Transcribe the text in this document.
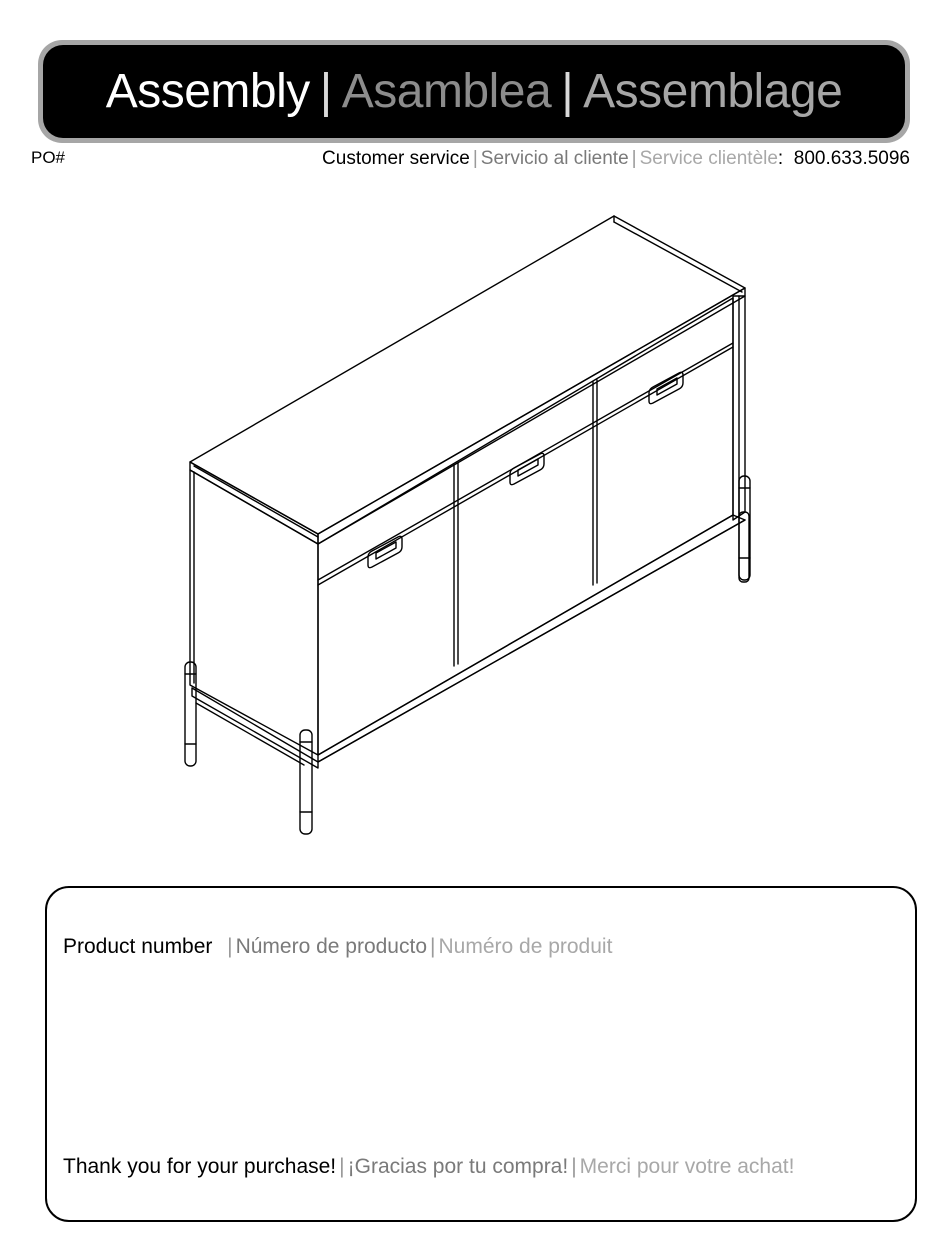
Assembly | Asamblea | Assemblage
PO#	Customer service | Servicio al cliente | Service clientèle: 800.633.5096
Product number | Número de producto | Numéro de produit
Thank you for your purchase! | ¡Gracias por tu compra! | Merci pour votre achat!
